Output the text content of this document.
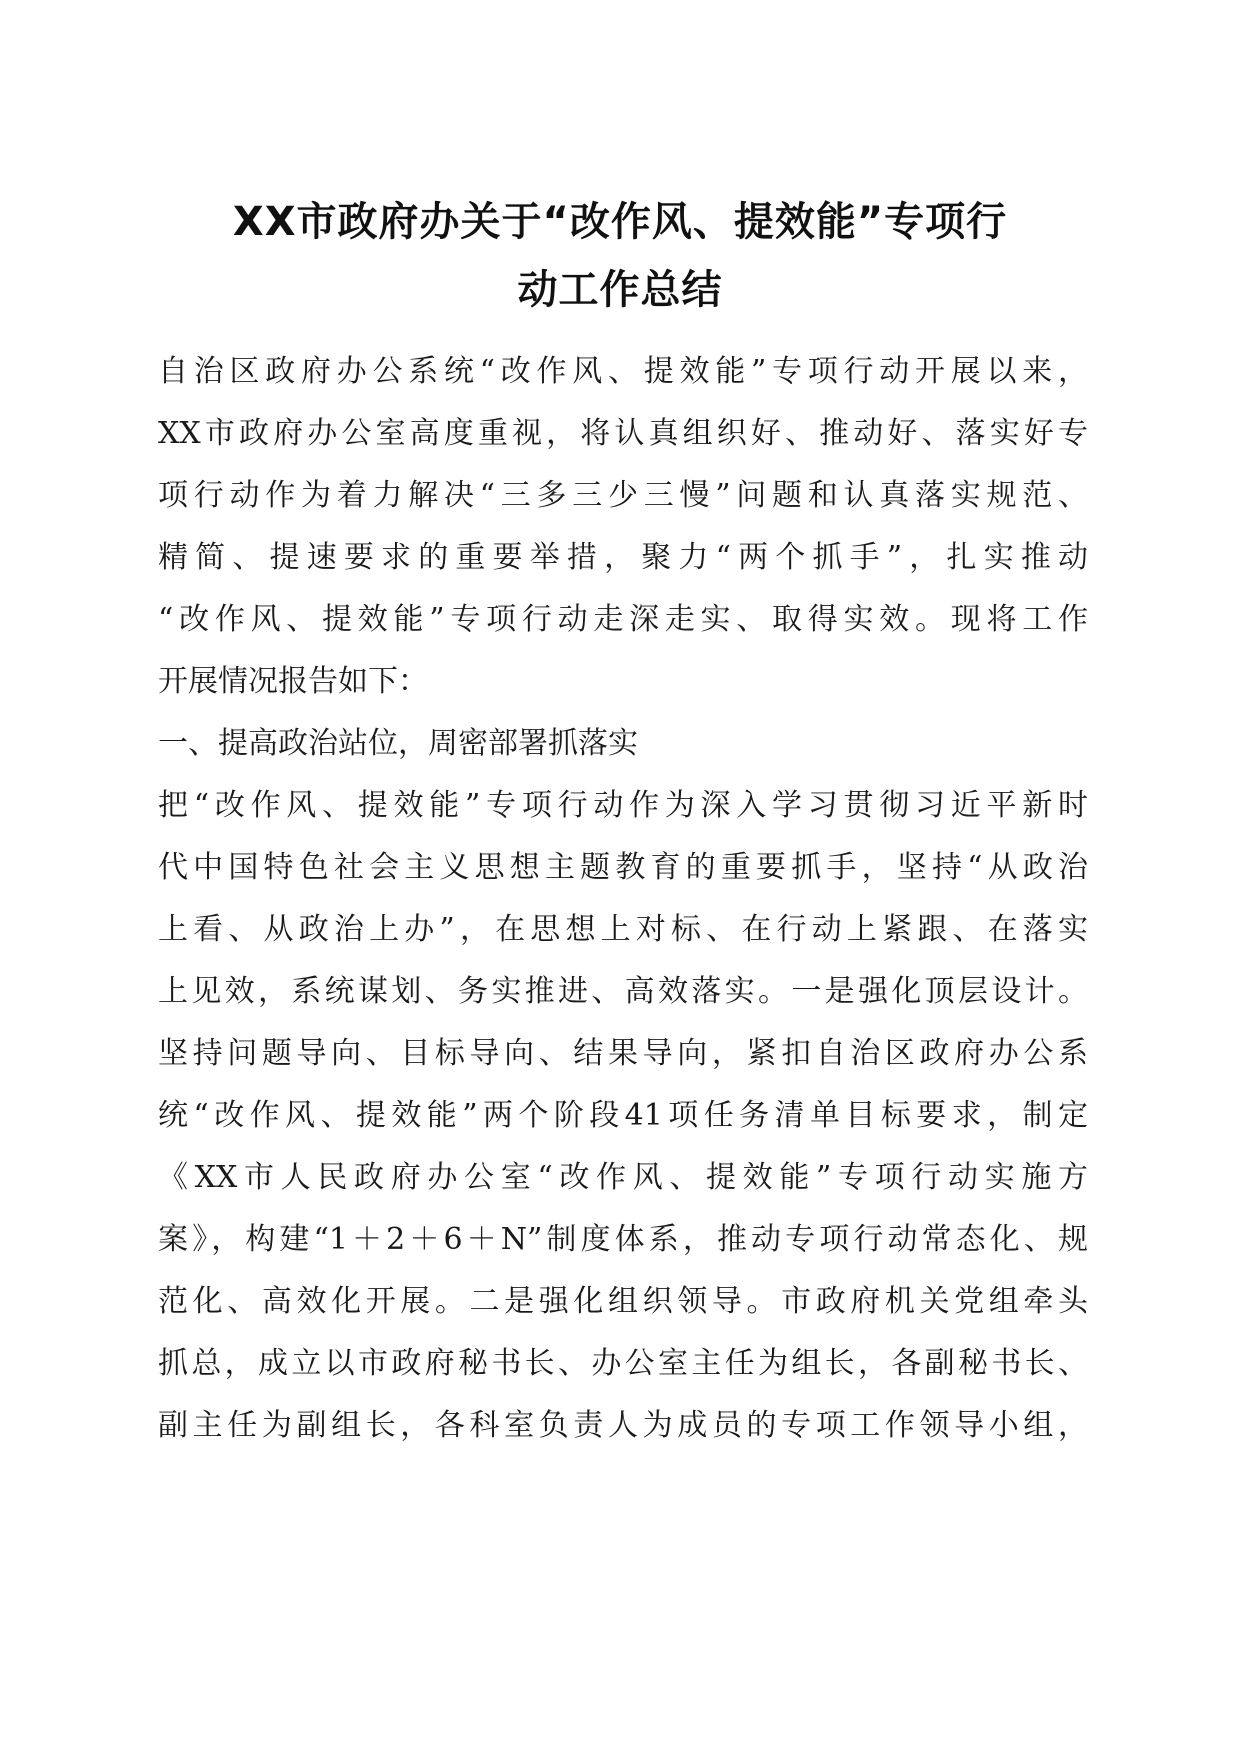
XX市政府办关于“改作风、提效能”专项行
动工作总结
自治区政府办公系统“改作风、提效能”专项行动开展以来，
XX市政府办公室高度重视，将认真组织好、推动好、落实好专
项行动作为着力解决“三多三少三慢”问题和认真落实规范、
精简、提速要求的重要举措，聚力“两个抓手”，扎实推动
“改作风、提效能”专项行动走深走实、取得实效。现将工作
开展情况报告如下：
一、提高政治站位，周密部署抓落实
把“改作风、提效能”专项行动作为深入学习贯彻习近平新时
代中国特色社会主义思想主题教育的重要抓手，坚持“从政治
上看、从政治上办”，在思想上对标、在行动上紧跟、在落实
上见效，系统谋划、务实推进、高效落实。一是强化顶层设计。
坚持问题导向、目标导向、结果导向，紧扣自治区政府办公系
统“改作风、提效能”两个阶段41项任务清单目标要求，制定
《XX市人民政府办公室“改作风、提效能”专项行动实施方
案》，构建“1＋2＋6＋N”制度体系，推动专项行动常态化、规
范化、高效化开展。二是强化组织领导。市政府机关党组牵头
抓总，成立以市政府秘书长、办公室主任为组长，各副秘书长、
副主任为副组长，各科室负责人为成员的专项工作领导小组，
